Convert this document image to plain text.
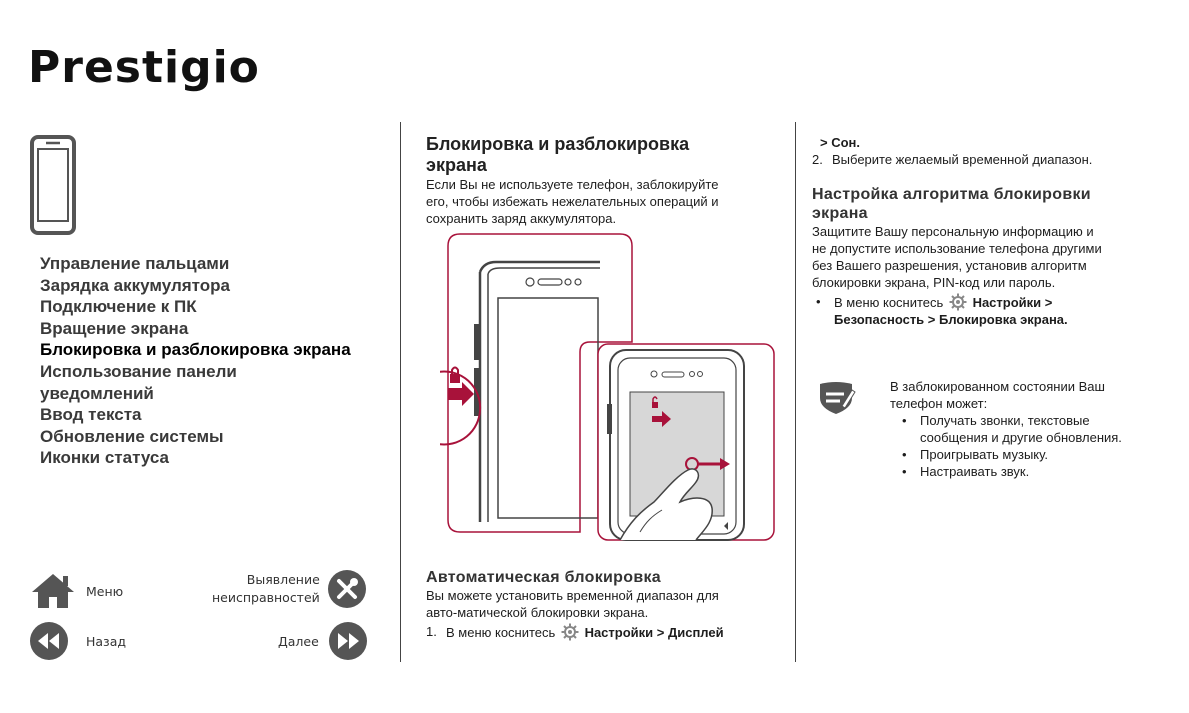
Prestigio
Управление пальцами
Зарядка аккумулятора
Подключение к ПК
Вращение экрана
Блокировка и разблокировка экрана
Использование панели
уведомлений
Ввод текста
Обновление системы
Иконки статуса
Меню
Выявление
неисправностей
Назад	Далее
Блокировка и разблокировка
экрана

Если Вы не используете телефон, заблокируйте
его, чтобы избежать нежелательных операций и
сохранить заряд аккумулятора.

Автоматическая блокировка
Вы можете установить временной диапазон для
авто-матической блокировки экрана.
1. В меню коснитесь Настройки > Дисплей
> Сон.
2. Выберите желаемый временной диапазон.
Настройка алгоритма блокировки
экрана
Защитите Вашу персональную информацию и
не допустите использование телефона другими
без Вашего разрешения, установив алгоритм
блокировки экрана, PIN-код или пароль.
• В меню коснитесь Настройки >
Безопасность > Блокировка экрана.
В заблокированном состоянии Ваш
телефон может:
• Получать звонки, текстовые
сообщения и другие обновления.
• Проигрывать музыку.
• Настраивать звук.
